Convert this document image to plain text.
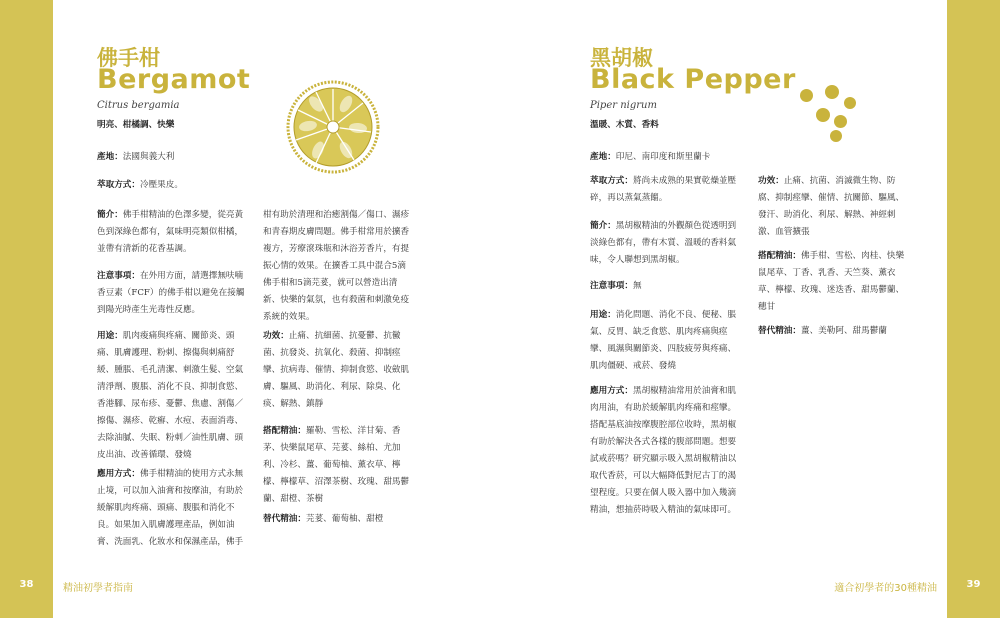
佛手柑
Bergamot
Citrus bergamia
明亮、柑橘調、快樂
產地：法國與義大利
萃取方式：冷壓果皮。
簡介：佛手柑精油的色澤多變，從亮黃色到深綠色都有，氣味明亮類似柑橘，並帶有清新的花香基調。
注意事項：在外用方面，請選擇無呋喃香豆素（FCF）的佛手柑以避免在接觸到陽光時產生光毒性反應。
用途：肌肉痠痛與疼痛、關節炎、頭痛、肌膚護理、粉刺、擦傷與刺痛舒緩、腫脹、毛孔清潔、刺激生髮、空氣清淨劑、腹脹、消化不良、抑制食慾、香港腳、尿布疹、憂鬱、焦慮、割傷／擦傷、濕疹、乾癬、水痘、表面消毒、去除油膩、失眠、粉刺／油性肌膚、頭皮出油、改善循環、發燒
應用方式：佛手柑精油的使用方式永無止境，可以加入油膏和按摩油，有助於緩解肌肉疼痛、頭痛、腹脹和消化不良。如果加入肌膚護理產品，例如油膏、洗面乳、化妝水和保濕產品，佛手
柑有助於清理和治癒割傷／傷口、濕疹和青春期皮膚問題。佛手柑常用於擴香複方，芳療滾珠瓶和沐浴芳香片，有提振心情的效果。在擴香工具中混合5滴佛手柑和5滴芫荽，就可以營造出清新、快樂的氣氛，也有殺菌和刺激免疫系統的效果。
功效：止痛、抗細菌、抗憂鬱、抗黴菌、抗發炎、抗氧化、殺菌、抑制痙攣、抗病毒、催情、抑制食慾、收斂肌膚、驅風、助消化、利尿、除臭、化痰、解熱、鎮靜
搭配精油：羅勒、雪松、洋甘菊、香茅、快樂鼠尾草、芫荽、絲柏、尤加利、冷杉、薑、葡萄柚、薰衣草、檸檬、檸檬草、沼澤茶樹、玫瑰、甜馬鬱蘭、甜橙、茶樹
替代精油：芫荽、葡萄柚、甜橙
38	精油初學者指南
黑胡椒
Black Pepper
Piper nigrum
溫暖、木質、香料
產地：印尼、南印度和斯里蘭卡
萃取方式：將尚未成熟的果實乾燥並壓碎，再以蒸氣蒸餾。
簡介：黑胡椒精油的外觀顏色從透明到淡綠色都有，帶有木質、溫暖的香料氣味，令人聯想到黑胡椒。
注意事項：無
用途：消化問題、消化不良、便秘、脹氣、反胃、缺乏食慾、肌肉疼痛與痙攣、風濕與關節炎、四肢疲勞與疼痛、肌肉僵硬、戒菸、發燒
應用方式：黑胡椒精油常用於油膏和肌肉用油，有助於緩解肌肉疼痛和痙攣。搭配基底油按摩腹腔部位收時，黑胡椒有助於解決各式各樣的腹部問題。想要試戒菸嗎？研究顯示吸入黑胡椒精油以取代香菸，可以大幅降低對尼古丁的渴望程度。只要在個人吸入器中加入幾滴精油，想抽菸時吸入精油的氣味即可。
功效：止痛、抗菌、消滅微生物、防腐、抑制痙攣、催情、抗關節、驅風、發汗、助消化、利尿、解熱、神經刺激、血管擴張
搭配精油：佛手柑、雪松、肉桂、快樂鼠尾草、丁香、乳香、天竺葵、薰衣草、檸檬、玫瑰、迷迭香、甜馬鬱蘭、穗甘
替代精油：薑、美勒阿、甜馬鬱蘭
適合初學者的30種精油	39
